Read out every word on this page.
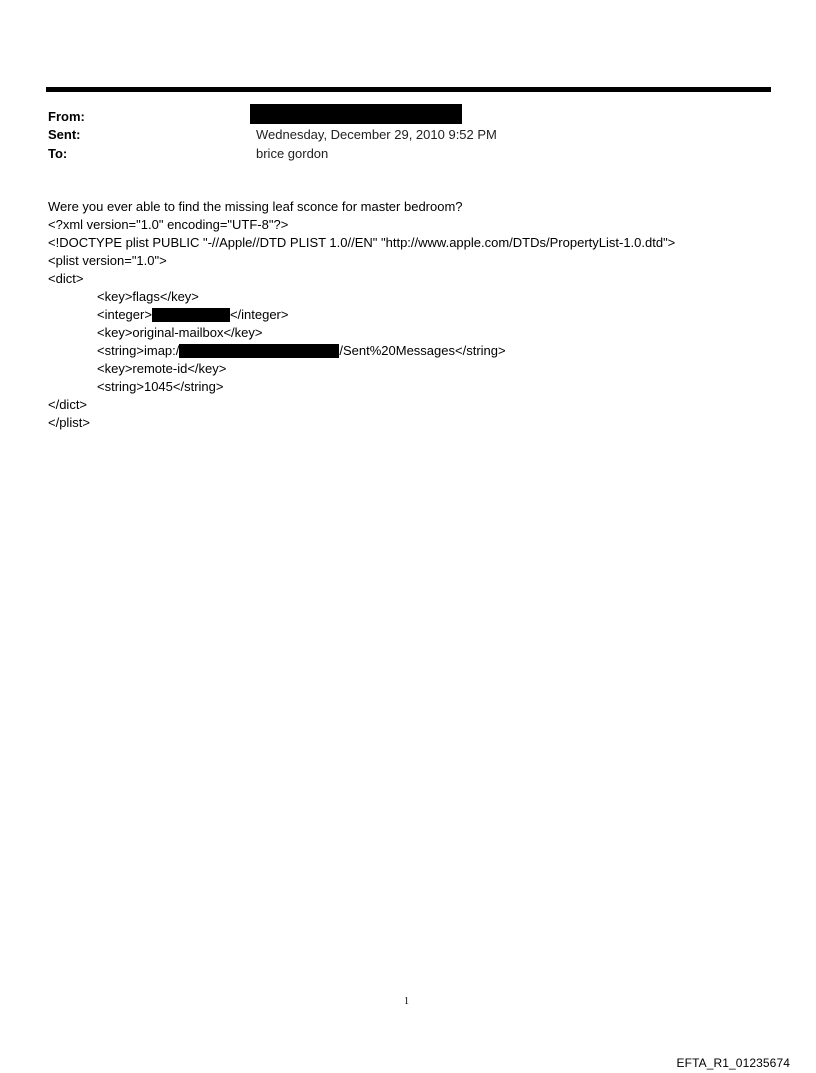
From:
Sent:	Wednesday, December 29, 2010 9:52 PM
To:	brice gordon
Were you ever able to find the missing leaf sconce for master bedroom?
<?xml version="1.0" encoding="UTF-8"?>
<!DOCTYPE plist PUBLIC "-//Apple//DTD PLIST 1.0//EN" "http://www.apple.com/DTDs/PropertyList-1.0.dtd">
<plist version="1.0">
<dict>
<key>flags</key>
<integer>	</integer>
<key>original-mailbox</key>
<string>imap:/	/Sent%20Messages</string>
<key>remote-id</key>
<string>1045</string>
</dict>
</plist>
1
EFTA_R1_01235674
